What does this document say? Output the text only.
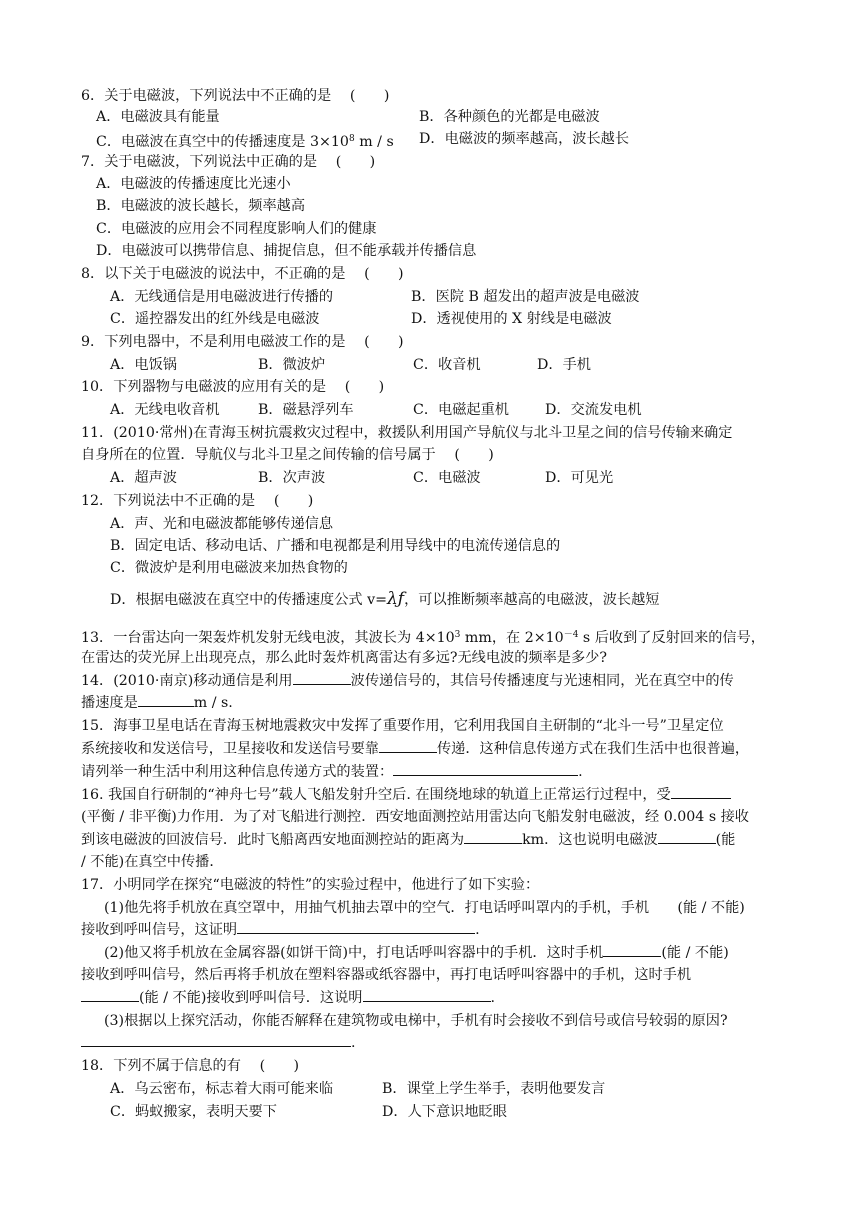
6．关于电磁波，下列说法中不正确的是　 (　　)
A．电磁波具有能量	B．各种颜色的光都是电磁波
C．电磁波在真空中的传播速度是 $3\times 10^8$ m / s D．电磁波的频率越高，波长越长
7．关于电磁波，下列说法中正确的是　 (　　)
A．电磁波的传播速度比光速小
B．电磁波的波长越长，频率越高
C．电磁波的应用会不同程度影响人们的健康
D．电磁波可以携带信息、捕捉信息，但不能承载并传播信息
8．以下关于电磁波的说法中，不正确的是　 (　　)
A．无线通信是用电磁波进行传播的	B．医院 B 超发出的超声波是电磁波
C．遥控器发出的红外线是电磁波	D．透视使用的 X 射线是电磁波
9．下列电器中，不是利用电磁波工作的是　 (　　)
A．电饭锅	B．微波炉	C．收音机	D．手机
10．下列器物与电磁波的应用有关的是　 (　　)
A．无线电收音机	B．磁悬浮列车	C．电磁起重机	D．交流发电机
11．(2010·常州)在青海玉树抗震救灾过程中，救援队利用国产导航仪与北斗卫星之间的信号传输来确定
自身所在的位置．导航仪与北斗卫星之间传输的信号属于　 (　　)
A．超声波	B．次声波	C．电磁波	D．可见光
12．下列说法中不正确的是　 (　　)
A．声、光和电磁波都能够传递信息
B．固定电话、移动电话、广播和电视都是利用导线中的电流传递信息的
C．微波炉是利用电磁波来加热食物的
D．根据电磁波在真空中的传播速度公式 v=λƒ，可以推断频率越高的电磁波，波长越短
13．一台雷达向一架轰炸机发射无线电波，其波长为 $4\times 10^3$ mm，在 $2\times 10^{-4}$ s 后收到了反射回来的信号，
在雷达的荧光屏上出现亮点，那么此时轰炸机离雷达有多远?无线电波的频率是多少?
14．(2010·南京)移动通信是利用	波传递信号的，其信号传播速度与光速相同，光在真空中的传
播速度是	m / s.
15．海事卫星电话在青海玉树地震救灾中发挥了重要作用，它利用我国自主研制的“北斗一号”卫星定位
系统接收和发送信号，卫星接收和发送信号要靠	传递．这种信息传递方式在我们生活中也很普遍，
请列举一种生活中利用这种信息传递方式的装置：	.
16. 我国自行研制的“神舟七号”载人飞船发射升空后. 在围绕地球的轨道上正常运行过程中，受
(平衡 / 非平衡)力作用．为了对飞船进行测控．西安地面测控站用雷达向飞船发射电磁波，经 0.004 s 接收
到该电磁波的回波信号．此时飞船离西安地面测控站的距离为	km．这也说明电磁波	(能
/ 不能)在真空中传播．
17．小明同学在探究“电磁波的特性”的实验过程中，他进行了如下实验：
(1)他先将手机放在真空罩中，用抽气机抽去罩中的空气．打电话呼叫罩内的手机，手机　　(能 / 不能)
接收到呼叫信号，这证明	.
(2)他又将手机放在金属容器(如饼干筒)中，打电话呼叫容器中的手机．这时手机	(能 / 不能)
接收到呼叫信号，然后再将手机放在塑料容器或纸容器中，再打电话呼叫容器中的手机，这时手机
(能 / 不能)接收到呼叫信号．这说明	.
(3)根据以上探究活动，你能否解释在建筑物或电梯中，手机有时会接收不到信号或信号较弱的原因?
.
18．下列不属于信息的有　 (　　)
A．乌云密布，标志着大雨可能来临	B．课堂上学生举手，表明他要发言
C．蚂蚁搬家，表明天要下	D．人下意识地眨眼
